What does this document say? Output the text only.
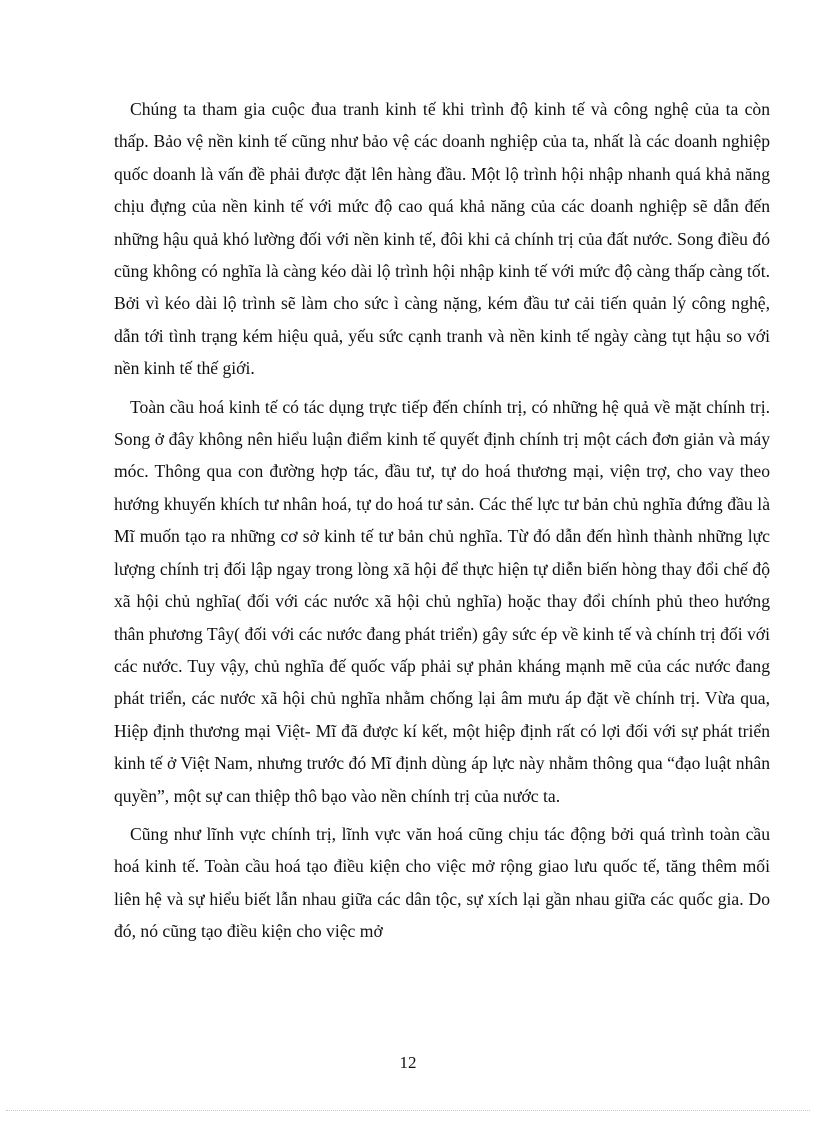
Chúng ta tham gia cuộc đua tranh kinh tế khi trình độ kinh tế và công nghệ của ta còn thấp. Bảo vệ nền kinh tế cũng như bảo vệ các doanh nghiệp của ta, nhất là các doanh nghiệp quốc doanh là vấn đề phải được đặt lên hàng đầu. Một lộ trình hội nhập nhanh quá khả năng chịu đựng của nền kinh tế với mức độ cao quá khả năng của các doanh nghiệp sẽ dẫn đến những hậu quả khó lường đối với nền kinh tế, đôi khi cả chính trị của đất nước. Song điều đó cũng không có nghĩa là càng kéo dài lộ trình hội nhập kinh tế với mức độ càng thấp càng tốt. Bởi vì kéo dài lộ trình sẽ làm cho sức ì càng nặng, kém đầu tư cải tiến quản lý công nghệ, dẫn tới tình trạng kém hiệu quả, yếu sức cạnh tranh và nền kinh tế ngày càng tụt hậu so với nền kinh tế thế giới.

Toàn cầu hoá kinh tế có tác dụng trực tiếp đến chính trị, có những hệ quả về mặt chính trị. Song ở đây không nên hiểu luận điểm kinh tế quyết định chính trị một cách đơn giản và máy móc. Thông qua con đường hợp tác, đầu tư, tự do hoá thương mại, viện trợ, cho vay theo hướng khuyến khích tư nhân hoá, tự do hoá tư sản. Các thế lực tư bản chủ nghĩa đứng đầu là Mĩ muốn tạo ra những cơ sở kinh tế tư bản chủ nghĩa. Từ đó dẫn đến hình thành những lực lượng chính trị đối lập ngay trong lòng xã hội để thực hiện tự diễn biến hòng thay đổi chế độ xã hội chủ nghĩa( đối với các nước xã hội chủ nghĩa) hoặc thay đổi chính phủ theo hướng thân phương Tây( đối với các nước đang phát triển) gây sức ép về kinh tế và chính trị đối với các nước. Tuy vậy, chủ nghĩa đế quốc vấp phải sự phản kháng mạnh mẽ của các nước đang phát triển, các nước xã hội chủ nghĩa nhằm chống lại âm mưu áp đặt về chính trị. Vừa qua, Hiệp định thương mại Việt- Mĩ đã được kí kết, một hiệp định rất có lợi đối với sự phát triển kinh tế ở Việt Nam, nhưng trước đó Mĩ định dùng áp lực này nhằm thông qua “đạo luật nhân quyền”, một sự can thiệp thô bạo vào nền chính trị của nước ta.

Cũng như lĩnh vực chính trị, lĩnh vực văn hoá cũng chịu tác động bởi quá trình toàn cầu hoá kinh tế. Toàn cầu hoá tạo điều kiện cho việc mở rộng giao lưu quốc tế, tăng thêm mối liên hệ và sự hiểu biết lẫn nhau giữa các dân tộc, sự xích lại gần nhau giữa các quốc gia. Do đó, nó cũng tạo điều kiện cho việc mở

12
